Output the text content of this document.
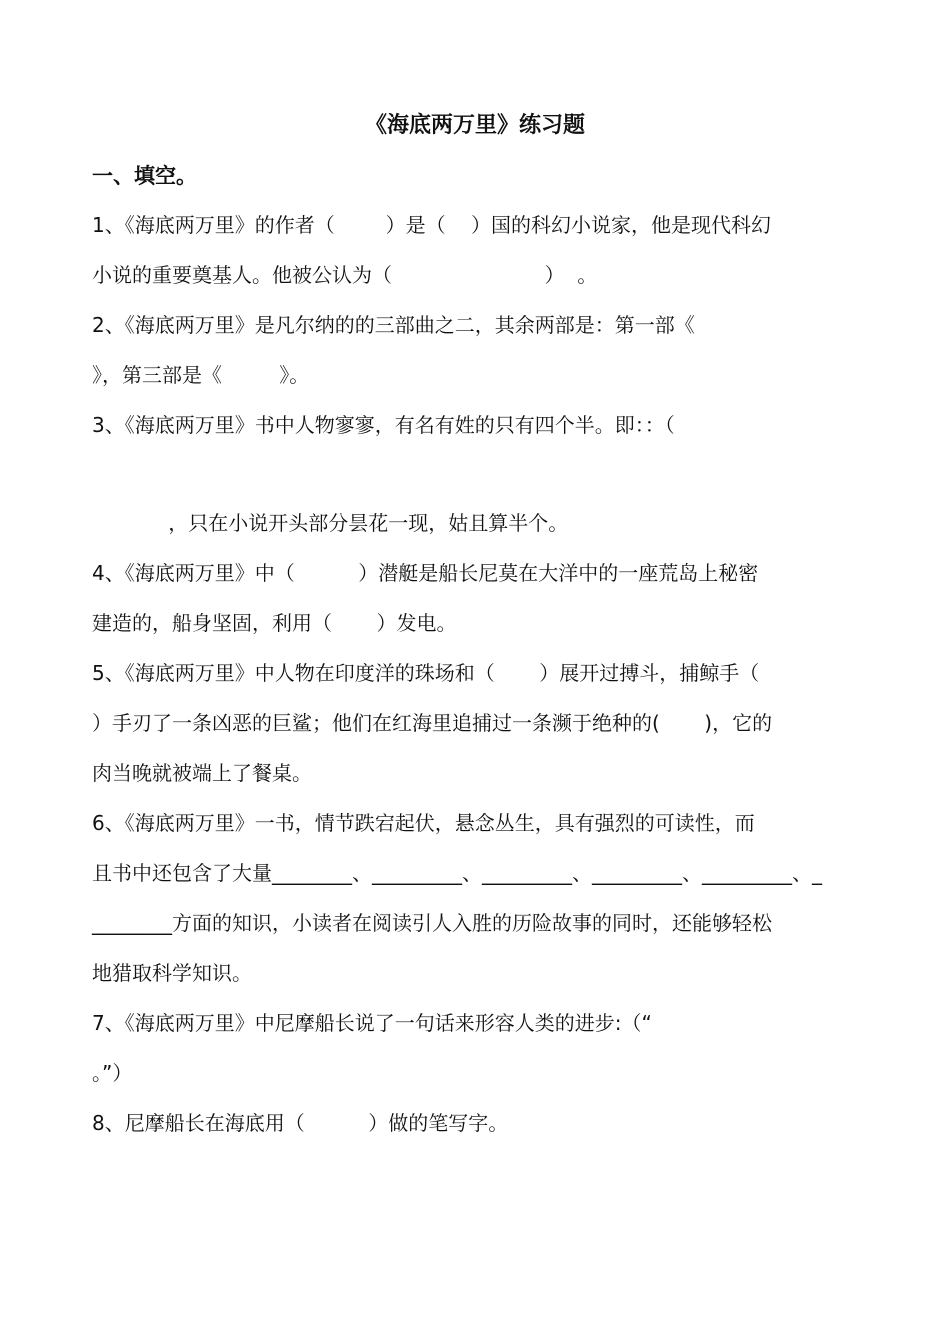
《海底两万里》练习题
一、填空。
1、《海底两万里》的作者（        ）是（    ）国的科幻小说家，他是现代科幻
小说的重要奠基人。他被公认为（                        ）  。
2、《海底两万里》是凡尔纳的的三部曲之二，其余两部是：第一部《
》，第三部是《         》。
3、《海底两万里》书中人物寥寥，有名有姓的只有四个半。即：：（
，只在小说开头部分昙花一现，姑且算半个。
4、《海底两万里》中（          ）潜艇是船长尼莫在大洋中的一座荒岛上秘密
建造的，船身坚固，利用（       ）发电。
5、《海底两万里》中人物在印度洋的珠场和（       ）展开过搏斗，捕鲸手（
）手刃了一条凶恶的巨鲨；他们在红海里追捕过一条濒于绝种的(       )，它的
肉当晚就被端上了餐桌。
6、《海底两万里》一书，情节跌宕起伏，悬念丛生，具有强烈的可读性，而
且书中还包含了大量________、_________、_________、_________、_________、_
________方面的知识，小读者在阅读引人入胜的历险故事的同时，还能够轻松
地猎取科学知识。
7、《海底两万里》中尼摩船长说了一句话来形容人类的进步:（“
。”）
8、尼摩船长在海底用（          ）做的笔写字。
